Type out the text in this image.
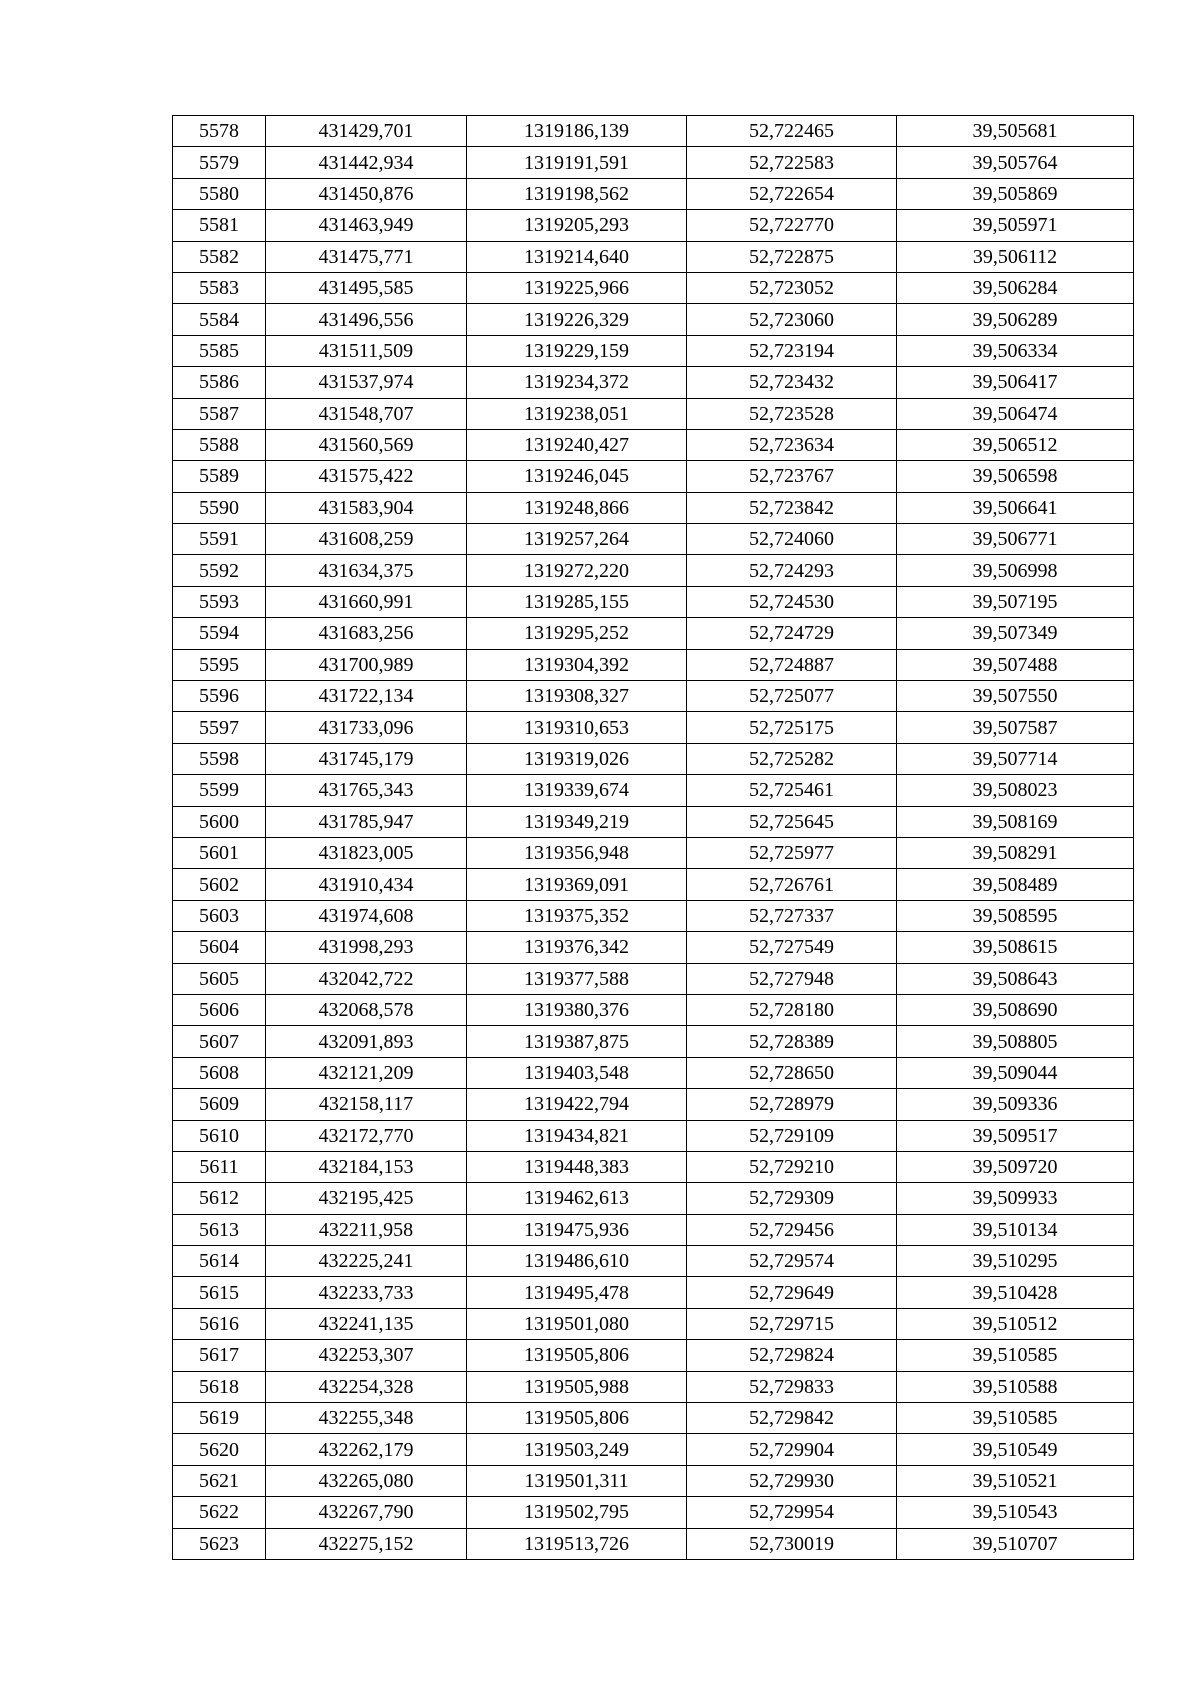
5578	431429,701	1319186,139	52,722465	39,505681
5579	431442,934	1319191,591	52,722583	39,505764
5580	431450,876	1319198,562	52,722654	39,505869
5581	431463,949	1319205,293	52,722770	39,505971
5582	431475,771	1319214,640	52,722875	39,506112
5583	431495,585	1319225,966	52,723052	39,506284
5584	431496,556	1319226,329	52,723060	39,506289
5585	431511,509	1319229,159	52,723194	39,506334
5586	431537,974	1319234,372	52,723432	39,506417
5587	431548,707	1319238,051	52,723528	39,506474
5588	431560,569	1319240,427	52,723634	39,506512
5589	431575,422	1319246,045	52,723767	39,506598
5590	431583,904	1319248,866	52,723842	39,506641
5591	431608,259	1319257,264	52,724060	39,506771
5592	431634,375	1319272,220	52,724293	39,506998
5593	431660,991	1319285,155	52,724530	39,507195
5594	431683,256	1319295,252	52,724729	39,507349
5595	431700,989	1319304,392	52,724887	39,507488
5596	431722,134	1319308,327	52,725077	39,507550
5597	431733,096	1319310,653	52,725175	39,507587
5598	431745,179	1319319,026	52,725282	39,507714
5599	431765,343	1319339,674	52,725461	39,508023
5600	431785,947	1319349,219	52,725645	39,508169
5601	431823,005	1319356,948	52,725977	39,508291
5602	431910,434	1319369,091	52,726761	39,508489
5603	431974,608	1319375,352	52,727337	39,508595
5604	431998,293	1319376,342	52,727549	39,508615
5605	432042,722	1319377,588	52,727948	39,508643
5606	432068,578	1319380,376	52,728180	39,508690
5607	432091,893	1319387,875	52,728389	39,508805
5608	432121,209	1319403,548	52,728650	39,509044
5609	432158,117	1319422,794	52,728979	39,509336
5610	432172,770	1319434,821	52,729109	39,509517
5611	432184,153	1319448,383	52,729210	39,509720
5612	432195,425	1319462,613	52,729309	39,509933
5613	432211,958	1319475,936	52,729456	39,510134
5614	432225,241	1319486,610	52,729574	39,510295
5615	432233,733	1319495,478	52,729649	39,510428
5616	432241,135	1319501,080	52,729715	39,510512
5617	432253,307	1319505,806	52,729824	39,510585
5618	432254,328	1319505,988	52,729833	39,510588
5619	432255,348	1319505,806	52,729842	39,510585
5620	432262,179	1319503,249	52,729904	39,510549
5621	432265,080	1319501,311	52,729930	39,510521
5622	432267,790	1319502,795	52,729954	39,510543
5623	432275,152	1319513,726	52,730019	39,510707
